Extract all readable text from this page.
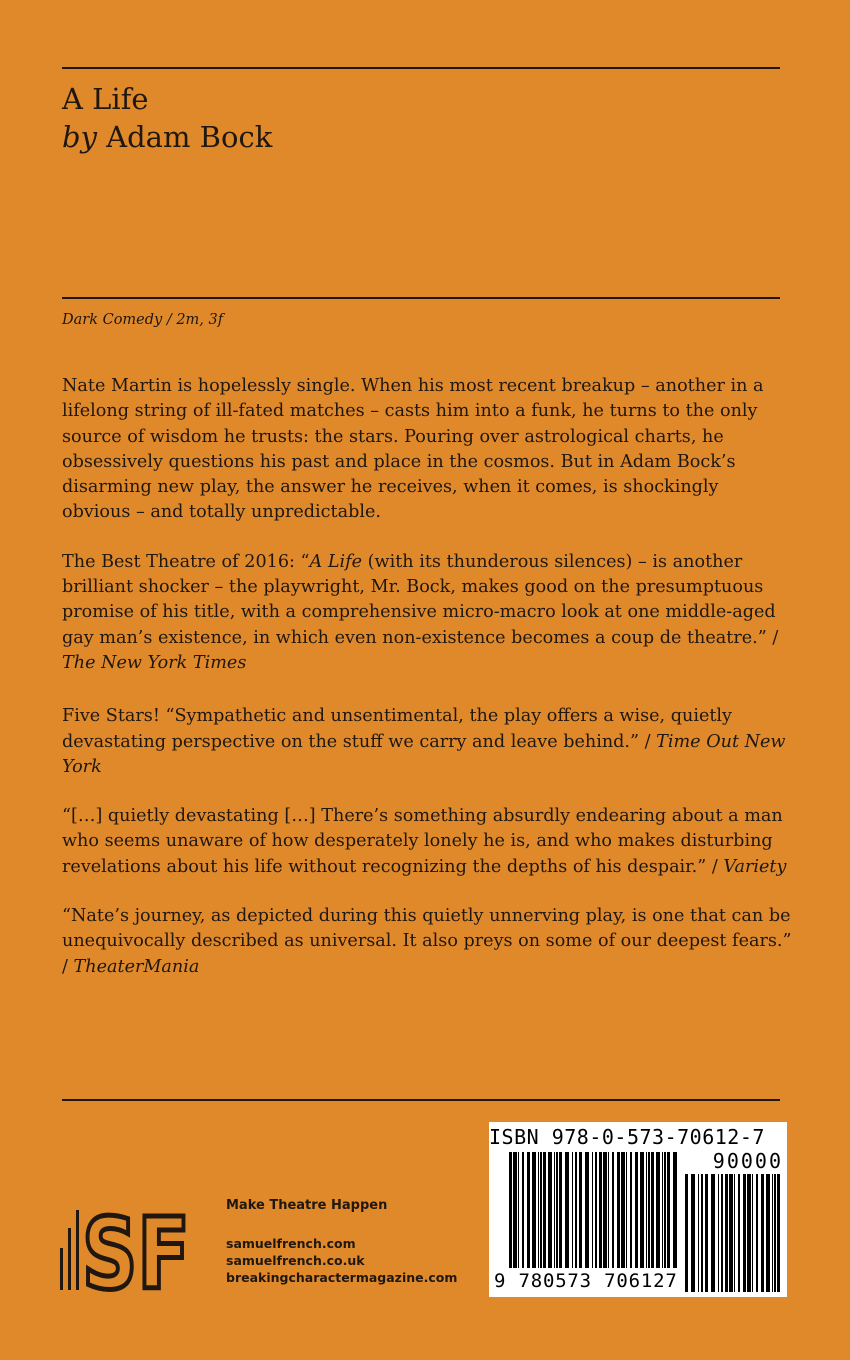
A Life
by Adam Bock
Dark Comedy / 2m, 3f

Nate Martin is hopelessly single. When his most recent breakup – another in a lifelong string of ill-fated matches – casts him into a funk, he turns to the only source of wisdom he trusts: the stars. Pouring over astrological charts, he obsessively questions his past and place in the cosmos. But in Adam Bock’s disarming new play, the answer he receives, when it comes, is shockingly obvious – and totally unpredictable.

The Best Theatre of 2016: “A Life (with its thunderous silences) – is another brilliant shocker – the playwright, Mr. Bock, makes good on the presumptuous promise of his title, with a comprehensive micro-macro look at one middle-aged gay man’s existence, in which even non-existence becomes a coup de theatre.” / The New York Times

Five Stars! “Sympathetic and unsentimental, the play offers a wise, quietly devastating perspective on the stuff we carry and leave behind.” / Time Out New York

“[…] quietly devastating […] There’s something absurdly endearing about a man who seems unaware of how desperately lonely he is, and who makes disturbing revelations about his life without recognizing the depths of his despair.” / Variety

“Nate’s journey, as depicted during this quietly unnerving play, is one that can be unequivocally described as universal. It also preys on some of our deepest fears.” / TheaterMania

SF	Make Theatre Happen
samuelfrench.com
samuelfrench.co.uk
breakingcharactermagazine.com
ISBN 978-0-573-70612-7
90000
9 780573 706127
